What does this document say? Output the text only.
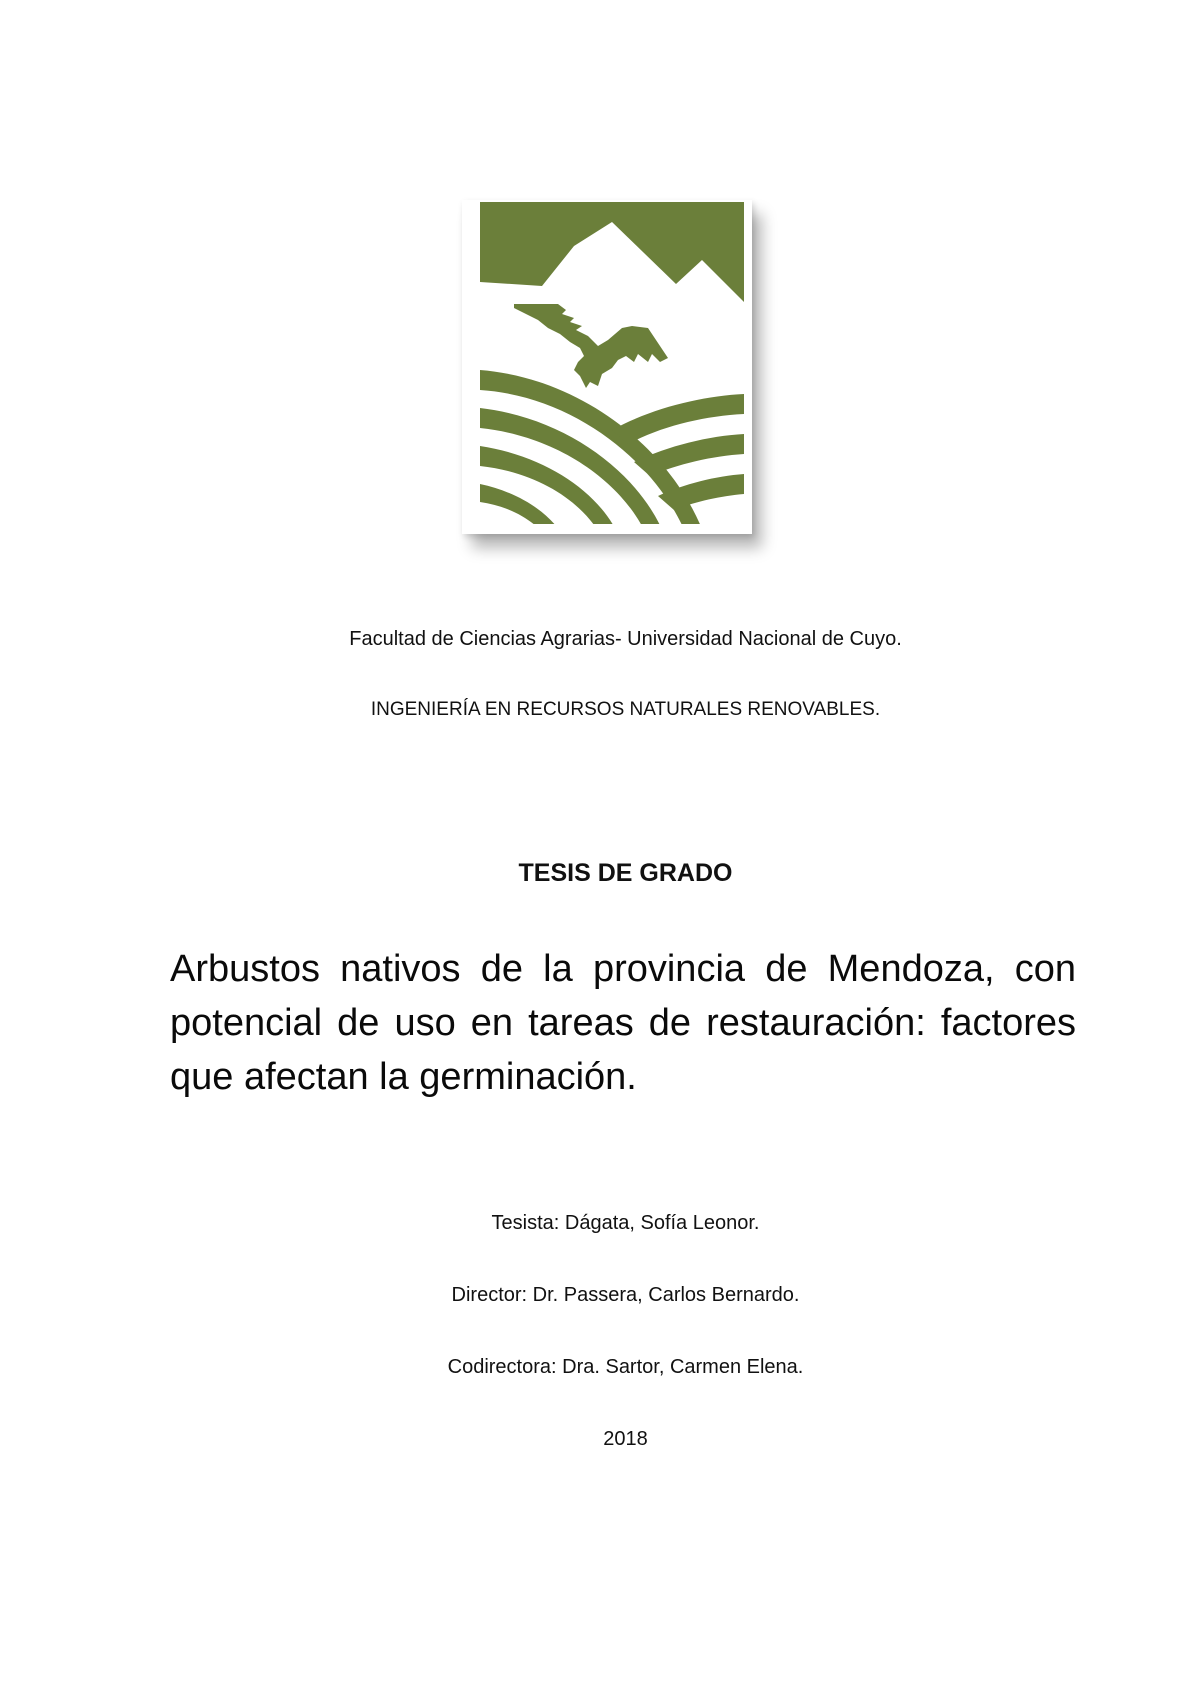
Facultad de Ciencias Agrarias- Universidad Nacional de Cuyo.
INGENIERÍA EN RECURSOS NATURALES RENOVABLES.
TESIS DE GRADO
Arbustos nativos de la provincia de Mendoza, con potencial de uso en tareas de restauración: factores que afectan la germinación.
Tesista: Dágata, Sofía Leonor.
Director: Dr. Passera, Carlos Bernardo.
Codirectora: Dra. Sartor, Carmen Elena.
2018
